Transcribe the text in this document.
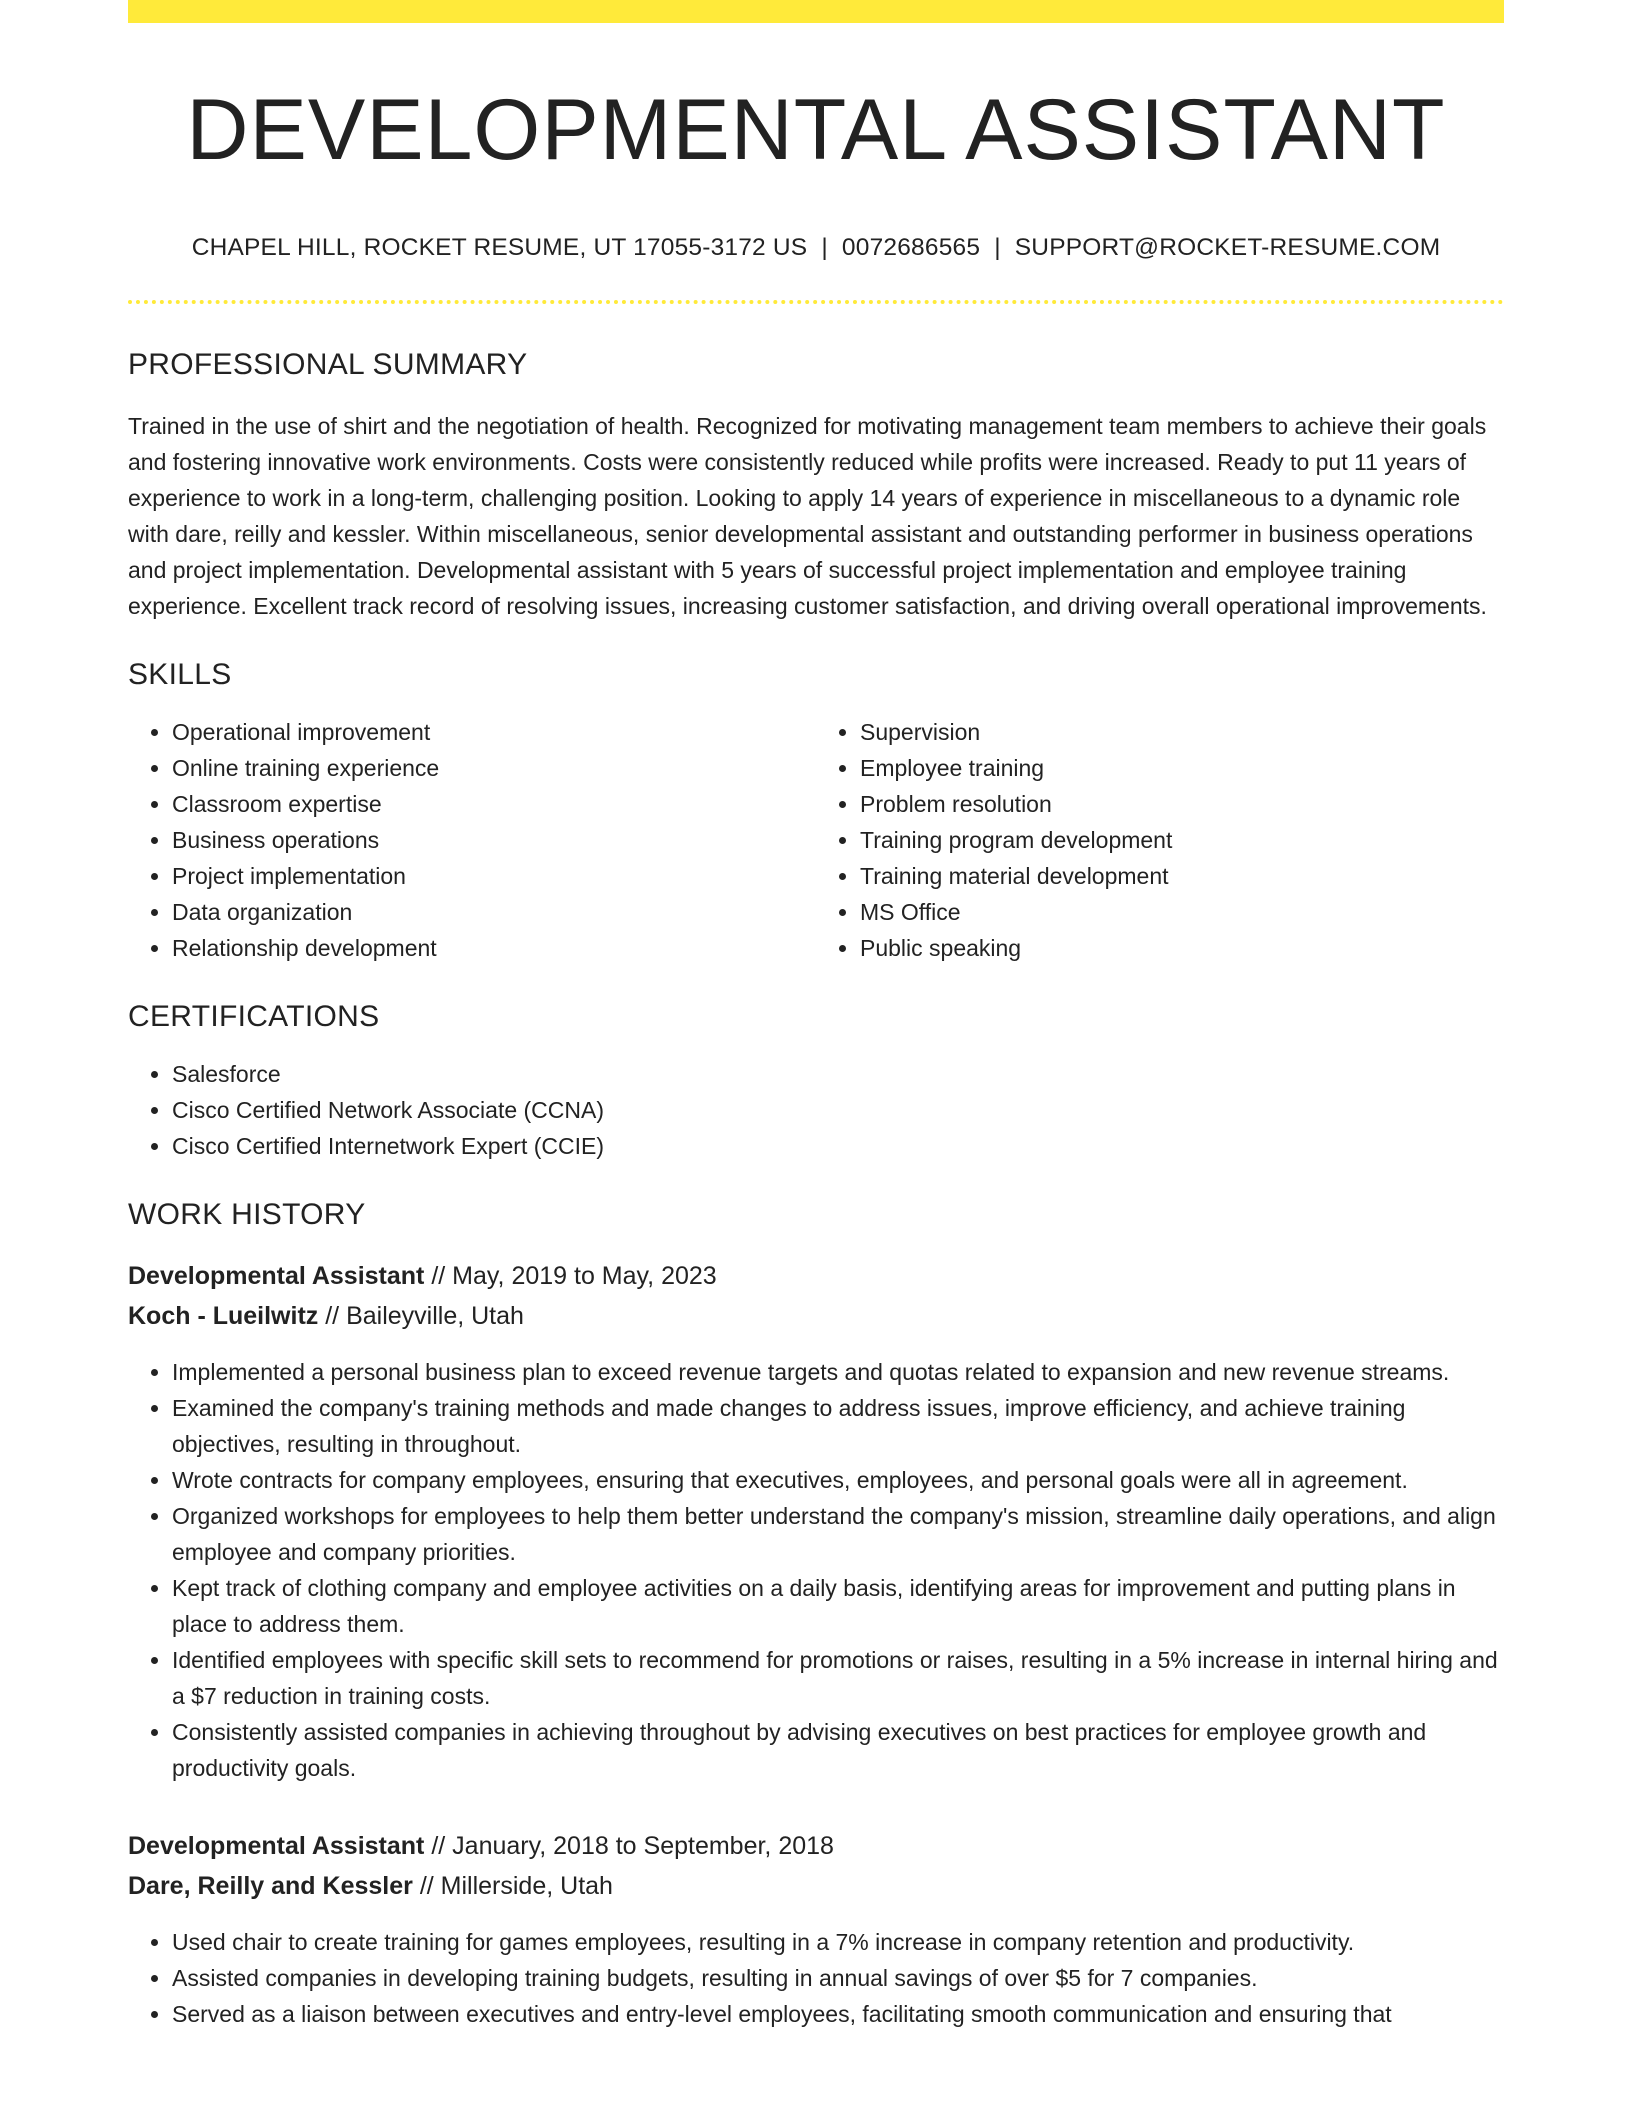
DEVELOPMENTAL ASSISTANT
CHAPEL HILL, ROCKET RESUME, UT 17055-3172 US | 0072686565 | SUPPORT@ROCKET-RESUME.COM
PROFESSIONAL SUMMARY

Trained in the use of shirt and the negotiation of health. Recognized for motivating management team members to achieve their goals and fostering innovative work environments. Costs were consistently reduced while profits were increased. Ready to put 11 years of experience to work in a long-term, challenging position. Looking to apply 14 years of experience in miscellaneous to a dynamic role with dare, reilly and kessler. Within miscellaneous, senior developmental assistant and outstanding performer in business operations and project implementation. Developmental assistant with 5 years of successful project implementation and employee training experience. Excellent track record of resolving issues, increasing customer satisfaction, and driving overall operational improvements.

SKILLS
• Operational improvement
• Online training experience
• Classroom expertise
• Business operations
• Project implementation
• Data organization
• Relationship development
• Supervision
• Employee training
• Problem resolution
• Training program development
• Training material development
• MS Office
• Public speaking
CERTIFICATIONS
• Salesforce
• Cisco Certified Network Associate (CCNA)
• Cisco Certified Internetwork Expert (CCIE)
WORK HISTORY
Developmental Assistant // May, 2019 to May, 2023
Koch - Lueilwitz // Baileyville, Utah
• Implemented a personal business plan to exceed revenue targets and quotas related to expansion and new revenue streams.
• Examined the company's training methods and made changes to address issues, improve efficiency, and achieve training objectives, resulting in throughout.
• Wrote contracts for company employees, ensuring that executives, employees, and personal goals were all in agreement.
• Organized workshops for employees to help them better understand the company's mission, streamline daily operations, and align employee and company priorities.
• Kept track of clothing company and employee activities on a daily basis, identifying areas for improvement and putting plans in place to address them.
• Identified employees with specific skill sets to recommend for promotions or raises, resulting in a 5% increase in internal hiring and a $7 reduction in training costs.
• Consistently assisted companies in achieving throughout by advising executives on best practices for employee growth and productivity goals.
Developmental Assistant // January, 2018 to September, 2018
Dare, Reilly and Kessler // Millerside, Utah
• Used chair to create training for games employees, resulting in a 7% increase in company retention and productivity.
• Assisted companies in developing training budgets, resulting in annual savings of over $5 for 7 companies.
• Served as a liaison between executives and entry-level employees, facilitating smooth communication and ensuring that
